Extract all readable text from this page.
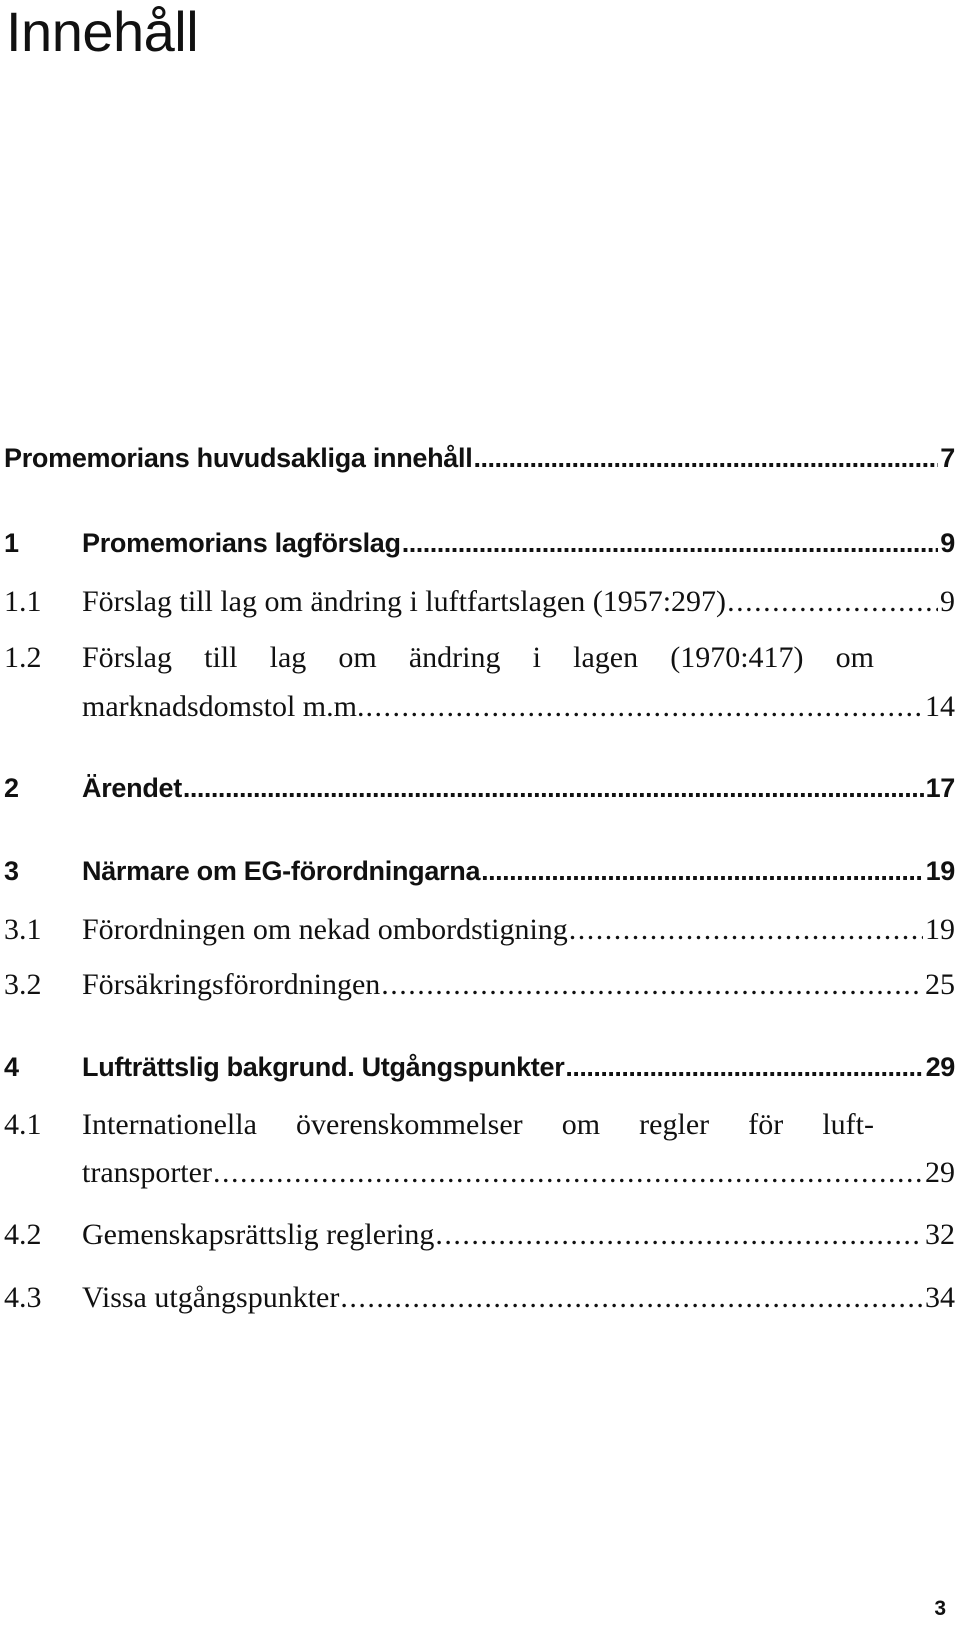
Innehåll
Promemorians huvudsakliga innehåll . . .	7
1	Promemorians lagförslag . . .	9
1.1	Förslag till lag om ändring i luftfartslagen (1957:297) . . .	9
1.2	Förslag till lag om ändring i lagen (1970:417) om
marknadsdomstol m.m. . . .	14
2	Ärendet . . .	17
3	Närmare om EG-förordningarna . . .	19
3.1	Förordningen om nekad ombordstigning . . .	19
3.2	Försäkringsförordningen . . .	25
4	Lufträttslig bakgrund. Utgångspunkter . . .	29
4.1	Internationella överenskommelser om regler för luft-
transporter . . .	29
4.2	Gemenskapsrättslig reglering . . .	32
4.3	Vissa utgångspunkter . . .	34
3
